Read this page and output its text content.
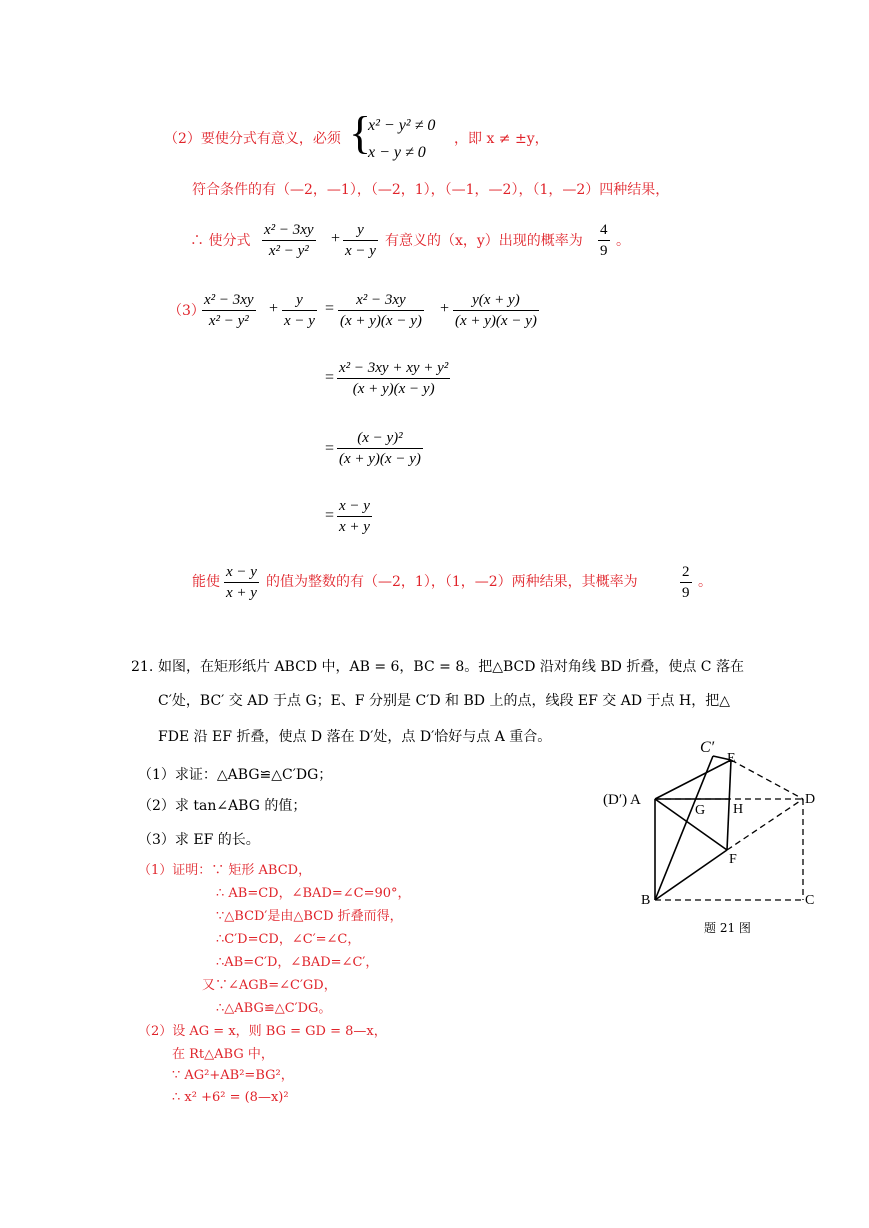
（2）要使分式有意义，必须 {
x² − y² ≠ 0
x − y ≠ 0
，即 x ≠ ±y，
符合条件的有（—2，—1），（—2，1），（—1，—2），（1，—2）四种结果，
∴ 使分式 $\frac{\text{x² − 3xy}}{\text{x² − y²}} + \frac{y}{x - y}$ 有意义的（x，y）出现的概率为 $\frac{4}{9}$ 。
（3）
$\frac{\text{x² − 3xy}}{\text{x² − y²}} + \frac{y}{x - y} = \frac{\text{x² − 3xy}}{(x + y)(x - y)} + \frac{y(x + y)}{(x + y)(x - y)}$
= $\frac{\text{x² − 3xy + xy + y²}}{(x + y)(x - y)}$
= $\frac{\text{(x − y)²}}{(x + y)(x - y)}$
= $\frac{x - y}{x + y}$
能使 $\frac{x - y}{x + y}$ 的值为整数的有（—2，1），（1，—2）两种结果，其概率为	$\frac{2}{9}$ 。
21. 如图，在矩形纸片 ABCD 中，AB = 6，BC = 8。把△BCD 沿对角线 BD 折叠，使点 C 落在
C′处，BC′ 交 AD 于点 G；E、F 分别是 C′D 和 BD 上的点，线段 EF 交 AD 于点 H，把△
FDE 沿 EF 折叠，使点 D 落在 D′处，点 D′恰好与点 A 重合。
（1）求证：△ABG≌△C′DG；
（2）求 tan∠ABG 的值；
（3）求 EF 的长。
（1）证明：∵ 矩形 ABCD，
∴ AB=CD，∠BAD=∠C=90°，
∵△BCD′是由△BCD 折叠而得，
∴C′D=CD，∠C′=∠C，
∴AB=C′D，∠BAD=∠C′，
又∵∠AGB=∠C′GD，
∴△ABG≌△C′DG。
（2）设 AG = x，则 BG = GD = 8—x，
在 Rt△ABG 中，
∵ AG²+AB²=BG²，
∴ x² +6² = (8—x)²
C′
E
(D′) A
G H
D
F
B	C
题 21 图
